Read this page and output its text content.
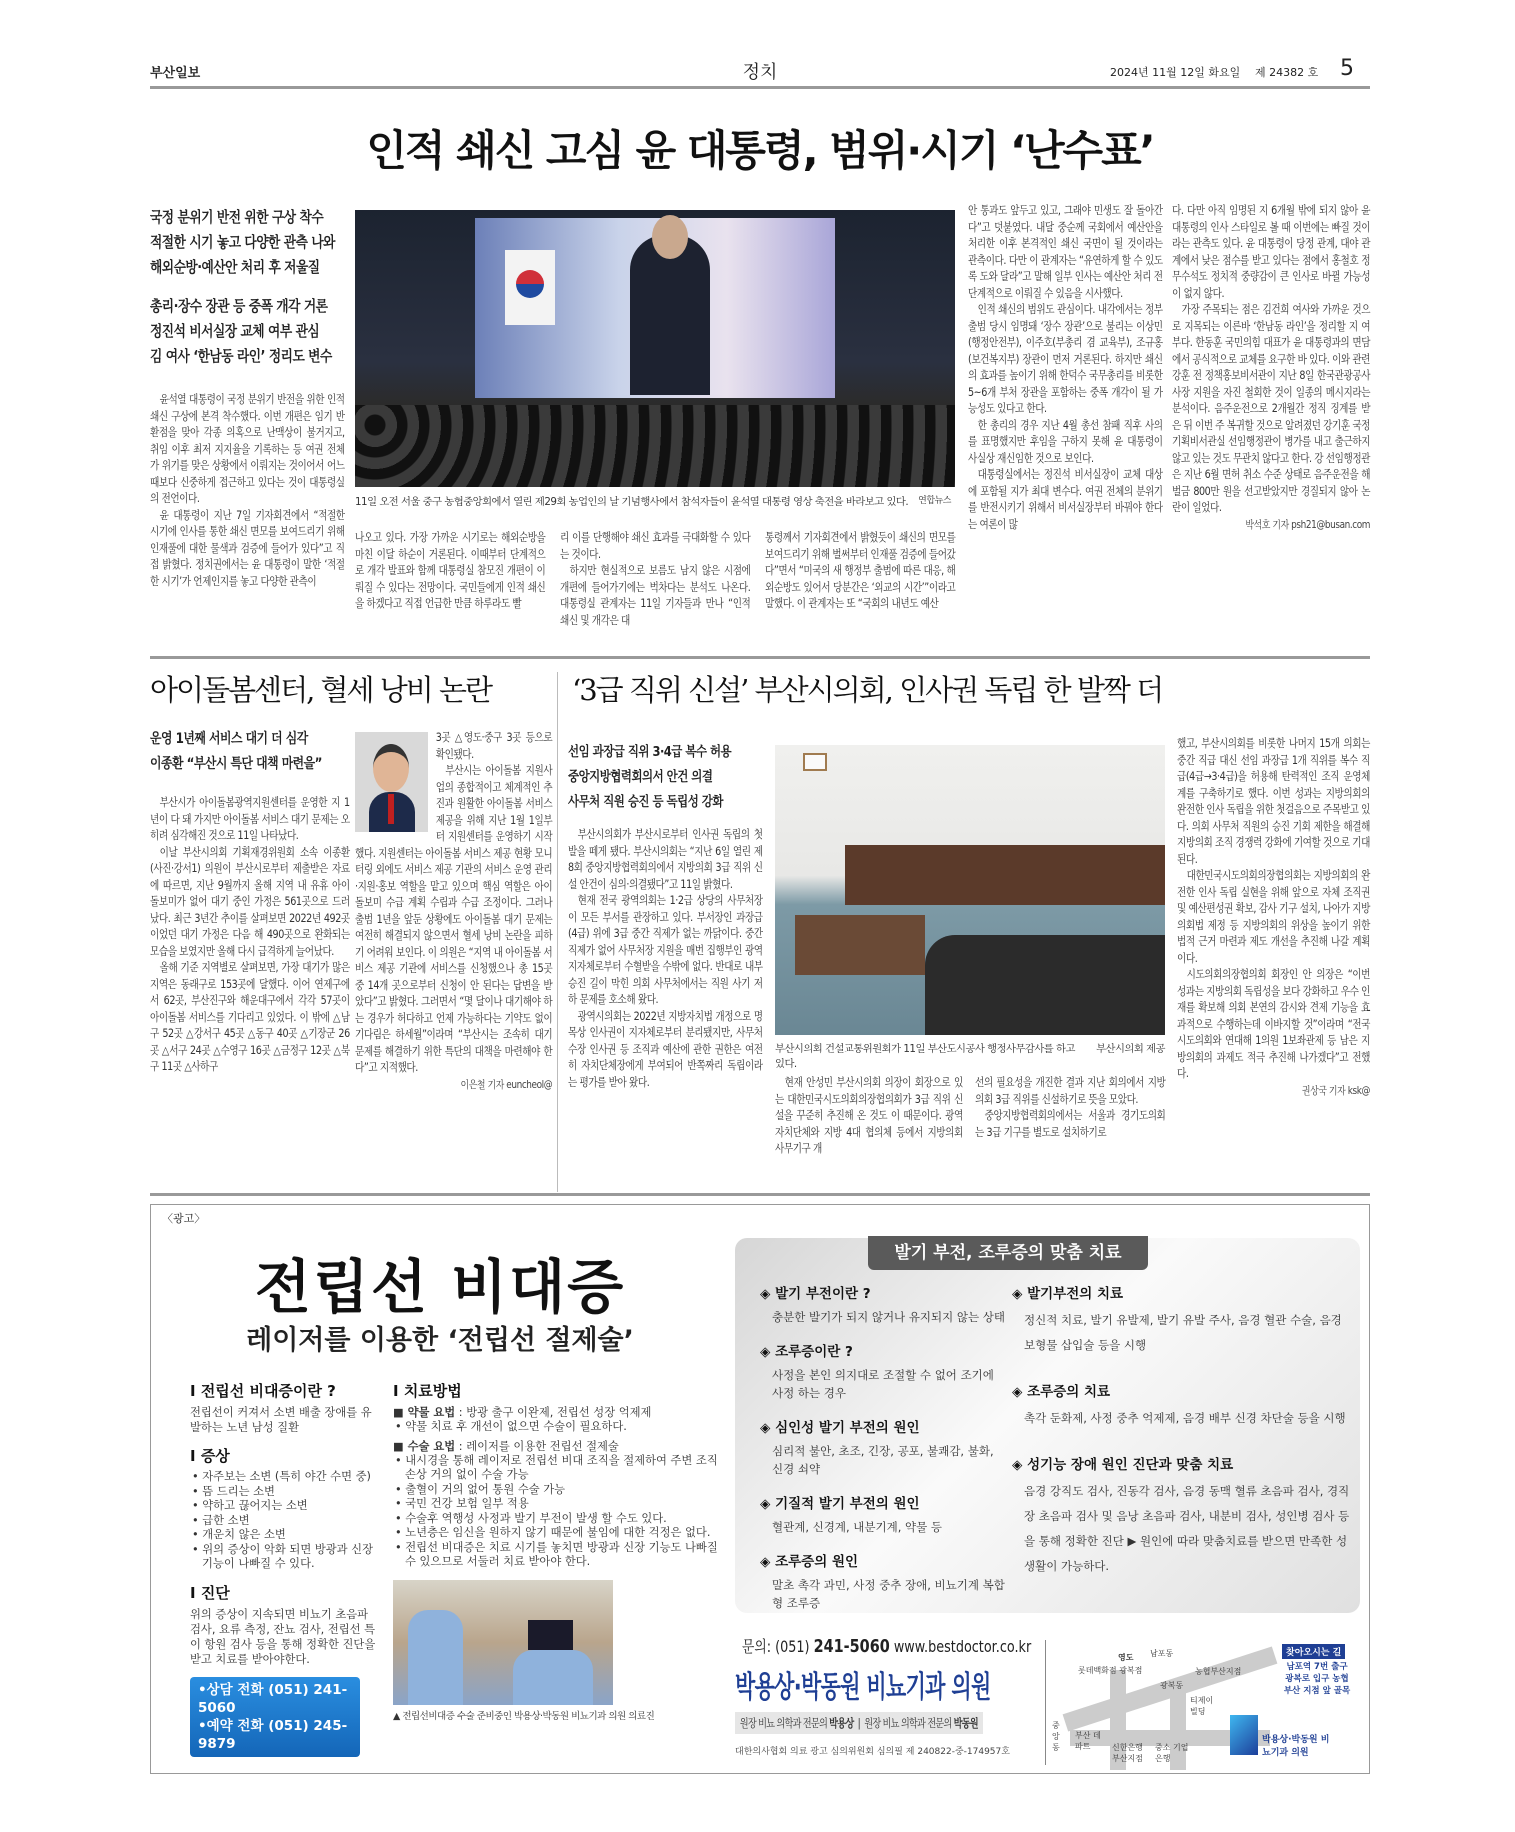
부산일보	정치	2024년 11월 12일 화요일 제 24382 호 5
인적 쇄신 고심 윤 대통령, 범위·시기 ‘난수표’
국정 분위기 반전 위한 구상 착수
적절한 시기 놓고 다양한 관측 나와
해외순방·예산안 처리 후 저울질
총리·장수 장관 등 중폭 개각 거론
정진석 비서실장 교체 여부 관심
김 여사 ‘한남동 라인’ 정리도 변수

윤석열 대통령이 국정 분위기 반전을 위한 인적 쇄신 구상에 본격 착수했다. 이번 개편은 임기 반환점을 맞아 각종 의혹으로 난맥상이 불거지고, 취임 이후 최저 지지율을 기록하는 등 여권 전체가 위기를 맞은 상황에서 이뤄지는 것이어서 어느 때보다 신중하게 접근하고 있다는 것이 대통령실의 전언이다.

윤 대통령이 지난 7일 기자회견에서 “적절한 시기에 인사를 통한 쇄신 면모를 보여드리기 위해 인재풀에 대한 물색과 검증에 들어가 있다”고 직접 밝혔다. 정치권에서는 윤 대통령이 말한 ‘적절한 시기’가 언제인지를 놓고 다양한 관측이

11일 오전 서울 중구 농협중앙회에서 열린 제29회 농업인의 날 기념행사에서 참석자들이 윤석열 대통령 영상 축전을 바라보고 있다. 연합뉴스

나오고 있다. 가장 가까운 시기로는 해외순방을 마친 이달 하순이 거론된다. 이때부터 단계적으로 개각 발표와 함께 대통령실 참모진 개편이 이뤄질 수 있다는 전망이다. 국민들에게 인적 쇄신을 하겠다고 직접 언급한 만큼 하루라도 빨

리 이를 단행해야 쇄신 효과를 극대화할 수 있다는 것이다.

하지만 현실적으로 보름도 남지 않은 시점에 개편에 들어가기에는 벅차다는 분석도 나온다. 대통령실 관계자는 11일 기자들과 만나 “인적 쇄신 및 개각은 대

통령께서 기자회견에서 밝혔듯이 쇄신의 면모를 보여드리기 위해 벌써부터 인재풀 검증에 들어갔다”면서 “미국의 새 행정부 출범에 따른 대응, 해외순방도 있어서 당분간은 ‘외교의 시간’”이라고 말했다. 이 관계자는 또 “국회의 내년도 예산

안 통과도 앞두고 있고, 그래야 민생도 잘 돌아간다”고 덧붙였다. 내달 중순께 국회에서 예산안을 처리한 이후 본격적인 쇄신 국면이 될 것이라는 관측이다. 다만 이 관계자는 “유연하게 할 수 있도록 도와 달라”고 말해 일부 인사는 예산안 처리 전 단계적으로 이뤄질 수 있음을 시사했다.

인적 쇄신의 범위도 관심이다. 내각에서는 정부 출범 당시 임명돼 ‘장수 장관’으로 불리는 이상민(행정안전부), 이주호(부총리 겸 교육부), 조규홍(보건복지부) 장관이 먼저 거론된다. 하지만 쇄신의 효과를 높이기 위해 한덕수 국무총리를 비롯한 5~6개 부처 장관을 포함하는 중폭 개각이 될 가능성도 있다고 한다.

한 총리의 경우 지난 4월 총선 참패 직후 사의를 표명했지만 후임을 구하지 못해 윤 대통령이 사실상 재신임한 것으로 보인다.

대통령실에서는 정진석 비서실장이 교체 대상에 포함될 지가 최대 변수다. 여권 전체의 분위기를 반전시키기 위해서 비서실장부터 바꿔야 한다는 여론이 많

다. 다만 아직 임명된 지 6개월 밖에 되지 않아 윤 대통령의 인사 스타일로 볼 때 이번에는 빠질 것이라는 관측도 있다. 윤 대통령이 당정 관계, 대야 관계에서 낮은 점수를 받고 있다는 점에서 홍철호 정무수석도 정치적 중량감이 큰 인사로 바뀔 가능성이 없지 않다.

가장 주목되는 점은 김건희 여사와 가까운 것으로 지목되는 이른바 ‘한남동 라인’을 정리할 지 여부다. 한동훈 국민의힘 대표가 윤 대통령과의 면담에서 공식적으로 교체를 요구한 바 있다. 이와 관련 강훈 전 정책홍보비서관이 지난 8일 한국관광공사 사장 지원을 자진 철회한 것이 일종의 메시지라는 분석이다. 음주운전으로 2개월간 정직 징계를 받은 뒤 이번 주 복귀할 것으로 알려졌던 강기훈 국정기획비서관실 선임행정관이 병가를 내고 출근하지 않고 있는 것도 무관치 않다고 한다. 강 선임행정관은 지난 6월 면허 취소 수준 상태로 음주운전을 해 벌금 800만 원을 선고받았지만 경질되지 않아 논란이 일었다.

박석호 기자 psh21@busan.com
아이돌봄센터, 혈세 낭비 논란
운영 1년째 서비스 대기 더 심각
이종환 “부산시 특단 대책 마련을”

부산시가 아이돌봄광역지원센터를 운영한 지 1년이 다 돼 가지만 아이돌봄 서비스 대기 문제는 오히려 심각해진 것으로 11일 나타났다.

이날 부산시의회 기획재경위원회 소속 이종환(사진·강서1) 의원이 부산시로부터 제출받은 자료에 따르면, 지난 9월까지 올해 지역 내 유휴 아이 돌보미가 없어 대기 중인 가정은 561곳으로 드러났다. 최근 3년간 추이를 살펴보면 2022년 492곳이었던 대기 가정은 다음 해 490곳으로 완화되는 모습을 보였지만 올해 다시 급격하게 늘어났다.

올해 기준 지역별로 살펴보면, 가장 대기가 많은 지역은 동래구로 153곳에 달했다. 이어 연제구에서 62곳, 부산진구와 해운대구에서 각각 57곳이 아이돌봄 서비스를 기다리고 있었다. 이 밖에 △남구 52곳 △강서구 45곳 △동구 40곳 △기장군 26곳 △서구 24곳 △수영구 16곳 △금정구 12곳 △북구 11곳 △사하구

3곳 △영도·중구 3곳 등으로 확인됐다.

부산시는 아이돌봄 지원사업의 종합적이고 체계적인 추진과 원활한 아이돌봄 서비스 제공을 위해 지난 1월 1일부터 지원센터를 운영하기 시작했다. 지원센터는 아이돌봄 서비스 제공 현황 모니터링 외에도 서비스 제공 기관의 서비스 운영 관리·지원·홍보 역할을 맡고 있으며 핵심 역할은 아이 돌보미 수급 계획 수립과 수급 조정이다. 그러나 출범 1년을 앞둔 상황에도 아이돌봄 대기 문제는 여전히 해결되지 않으면서 혈세 낭비 논란을 피하기 어려워 보인다. 이 의원은 “지역 내 아이돌봄 서비스 제공 기관에 서비스를 신청했으나 총 15곳 중 14개 곳으로부터 신청이 안 된다는 답변을 받았다”고 밝혔다. 그러면서 “몇 달이나 대기해야 하는 경우가 허다하고 언제 가능하다는 기약도 없이 기다림은 하세월”이라며 “부산시는 조속히 대기 문제를 해결하기 위한 특단의 대책을 마련해야 한다”고 지적했다.

이은철 기자 euncheol@
‘3급 직위 신설’ 부산시의회, 인사권 독립 한 발짝 더
선임 과장급 직위 3·4급 복수 허용
중앙지방협력회의서 안건 의결
사무처 직원 승진 등 독립성 강화

부산시의회가 부산시로부터 인사권 독립의 첫 발을 떼게 됐다. 부산시의회는 “지난 6일 열린 제8회 중앙지방협력회의에서 지방의회 3급 직위 신설 안건이 심의·의결됐다”고 11일 밝혔다.

현재 전국 광역의회는 1·2급 상당의 사무처장이 모든 부서를 관장하고 있다. 부서장인 과장급(4급) 위에 3급 중간 직제가 없는 까닭이다. 중간 직제가 없어 사무처장 지원을 매번 집행부인 광역지자체로부터 수혈받을 수밖에 없다. 반대로 내부 승진 길이 막힌 의회 사무처에서는 직원 사기 저하 문제를 호소해 왔다.

광역시의회는 2022년 지방자치법 개정으로 명목상 인사권이 지자체로부터 분리됐지만, 사무처 수장 인사권 등 조직과 예산에 관한 권한은 여전히 자치단체장에게 부여되어 반쪽짜리 독립이라는 평가를 받아 왔다.

부산시의회 건설교통위원회가 11일 부산도시공사 행정사무감사를 하고 있다.
부산시의회 제공

현재 안성민 부산시의회 의장이 회장으로 있는 대한민국시도의회의장협의회가 3급 직위 신설을 꾸준히 추진해 온 것도 이 때문이다. 광역자치단체와 지방 4대 협의체 등에서 지방의회 사무기구 개

선의 필요성을 개진한 결과 지난 회의에서 지방의회 3급 직위를 신설하기로 뜻을 모았다.

중앙지방협력회의에서는 서울과 경기도의회는 3급 기구를 별도로 설치하기로

했고, 부산시의회를 비롯한 나머지 15개 의회는 중간 직급 대신 선임 과장급 1개 직위를 복수 직급(4급→3·4급)을 허용해 탄력적인 조직 운영체계를 구축하기로 했다. 이번 성과는 지방의회의 완전한 인사 독립을 위한 첫걸음으로 주목받고 있다. 의회 사무처 직원의 승진 기회 제한을 해결해 지방의회 조직 경쟁력 강화에 기여할 것으로 기대된다.

대한민국시도의회의장협의회는 지방의회의 완전한 인사 독립 실현을 위해 앞으로 자체 조직권 및 예산편성권 확보, 감사 기구 설치, 나아가 지방의회법 제정 등 지방의회의 위상을 높이기 위한 법적 근거 마련과 제도 개선을 추진해 나갈 계획이다.

시도의회의장협의회 회장인 안 의장은 “이번 성과는 지방의회 독립성을 보다 강화하고 우수 인재를 확보해 의회 본연의 감시와 견제 기능을 효과적으로 수행하는데 이바지할 것”이라며 “전국 시도의회와 연대해 1의원 1보좌관제 등 남은 지방의회의 과제도 적극 추진해 나가겠다”고 전했다.

권상국 기자 ksk@
〈광고〉
전립선 비대증
레이저를 이용한 ‘전립선 절제술’
I 전립선 비대증이란 ?
전립선이 커져서 소변 배출 장애를 유발하는 노년 남성 질환
I 증상
• 자주보는 소변 (특히 야간 수면 중)
• 뜸 드리는 소변
• 약하고 끊어지는 소변
• 급한 소변
• 개운치 않은 소변
• 위의 증상이 악화 되면 방광과 신장 기능이 나빠질 수 있다.
I 진단
위의 증상이 지속되면 비뇨기 초음파 검사, 요류 측정, 잔뇨 검사, 전립선 특이 항원 검사 등을 통해 정확한 진단을 받고 치료를 받아야한다.
•상담 전화 (051) 241-5060
•예약 전화 (051) 245-9879
I 치료방법
■ 약물 요법 : 방광 출구 이완제, 전립선 성장 억제제
• 약물 치료 후 개선이 없으면 수술이 필요하다.
■ 수술 요법 : 레이저를 이용한 전립선 절제술
• 내시경을 통해 레이저로 전립선 비대 조직을 절제하여 주변 조직 손상 거의 없이 수술 가능
• 출혈이 거의 없어 통원 수술 가능
• 국민 건강 보험 일부 적용
• 수술후 역행성 사정과 발기 부전이 발생 할 수도 있다.
• 노년층은 임신을 원하지 않기 때문에 불임에 대한 걱정은 없다.
• 전립선 비대증은 치료 시기를 놓치면 방광과 신장 기능도 나빠질 수 있으므로 서둘러 치료 받아야 한다.
▲ 전립선비대증 수술 준비중인 박용상·박동원 비뇨기과 의원 의료진
발기 부전, 조루증의 맞춤 치료
◈ 발기 부전이란 ?
충분한 발기가 되지 않거나 유지되지 않는 상태
◈ 조루증이란 ?
사정을 본인 의지대로 조절할 수 없어 조기에 사정 하는 경우
◈ 심인성 발기 부전의 원인
심리적 불안, 초조, 긴장, 공포, 불쾌감, 불화, 신경 쇠약
◈ 기질적 발기 부전의 원인
혈관계, 신경계, 내분기계, 약물 등
◈ 조루증의 원인
말초 촉각 과민, 사정 중추 장애, 비뇨기계 복합형 조루증
◈ 발기부전의 치료
정신적 치료, 발기 유발제, 발기 유발 주사, 음경 혈관 수술, 음경 보형물 삽입술 등을 시행
◈ 조루증의 치료
촉각 둔화제, 사정 중추 억제제, 음경 배부 신경 차단술 등을 시행
◈ 성기능 장애 원인 진단과 맞춤 치료
음경 강직도 검사, 진동각 검사, 음경 동맥 혈류 초음파 검사, 경직장 초음파 검사 및 음낭 초음파 검사, 내분비 검사, 성인병 검사 등을 통해 정확한 진단 ▶ 원인에 따라 맞춤치료를 받으면 만족한 성생활이 가능하다.
문의: (051) 241-5060 www.bestdoctor.co.kr
박용상·박동원 비뇨기과 의원
원장 비뇨 의학과 전문의 박용상  |  원장 비뇨 의학과 전문의 박동원
대한의사협회 의료 광고 심의위원회 심의필 제 240822-중-174957호
롯데백화점 광복점
영도 남포동
농협부산지점
광복동
티제이 빌딩
중앙동
부산 데파트	신한은행 부산지점
중소 기업은행
찾아오시는 길
남포역 7번 출구 광복로 입구 농협 부산 지점 앞 골목
박용상·박동원 비뇨기과 의원
